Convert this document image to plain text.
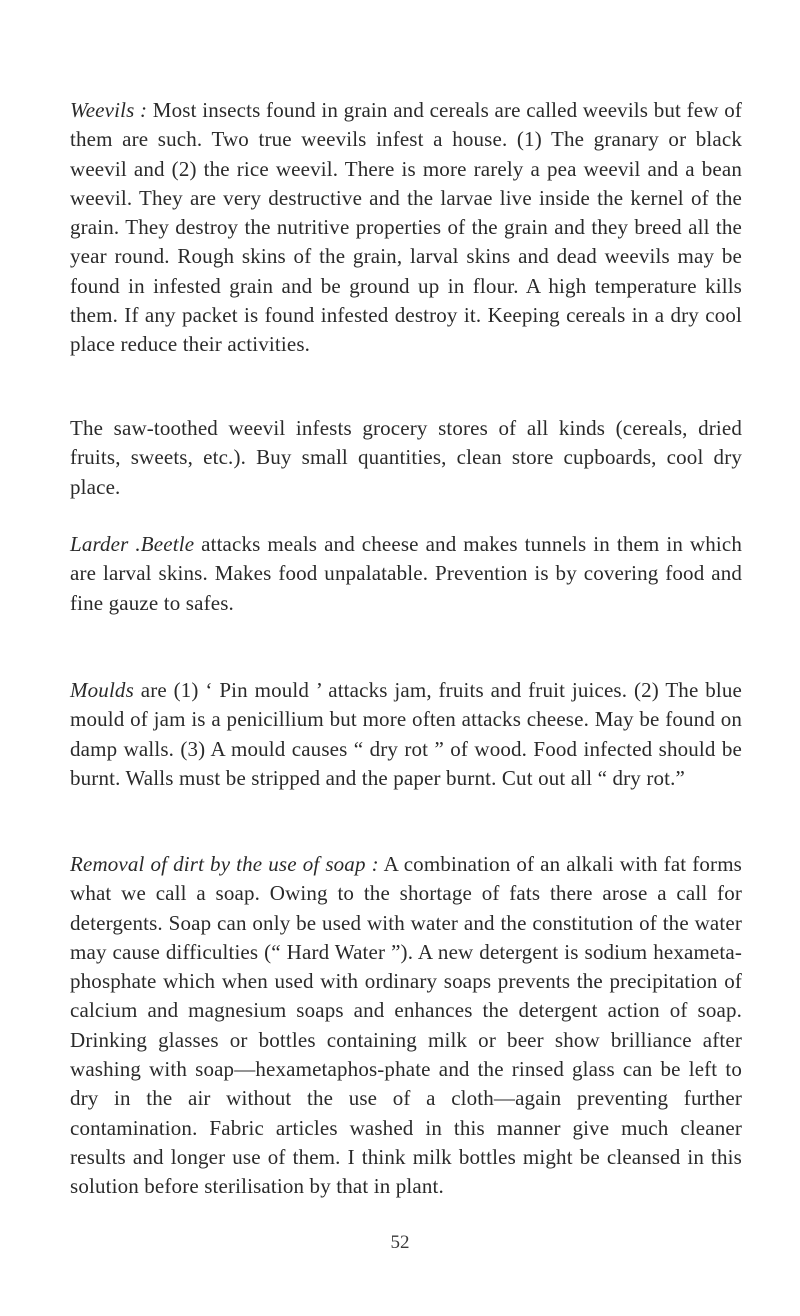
Weevils : Most insects found in grain and cereals are called weevils but few of them are such. Two true weevils infest a house. (1) The granary or black weevil and (2) the rice weevil. There is more rarely a pea weevil and a bean weevil. They are very destructive and the larvae live inside the kernel of the grain. They destroy the nutritive properties of the grain and they breed all the year round. Rough skins of the grain, larval skins and dead weevils may be found in infested grain and be ground up in flour. A high temperature kills them. If any packet is found infested destroy it. Keeping cereals in a dry cool place reduce their activities.

The saw-toothed weevil infests grocery stores of all kinds (cereals, dried fruits, sweets, etc.). Buy small quantities, clean store cupboards, cool dry place.

Larder .Beetle attacks meals and cheese and makes tunnels in them in which are larval skins. Makes food unpalatable. Prevention is by covering food and fine gauze to safes.

Moulds are (1) ‘ Pin mould ’ attacks jam, fruits and fruit juices. (2) The blue mould of jam is a penicillium but more often attacks cheese. May be found on damp walls. (3) A mould causes “ dry rot ” of wood. Food infected should be burnt. Walls must be stripped and the paper burnt. Cut out all “ dry rot.”

Removal of dirt by the use of soap : A combination of an alkali with fat forms what we call a soap. Owing to the shortage of fats there arose a call for detergents. Soap can only be used with water and the constitution of the water may cause difficulties (“ Hard Water ”). A new detergent is sodium hexameta-phosphate which when used with ordinary soaps prevents the precipitation of calcium and magnesium soaps and enhances the detergent action of soap. Drinking glasses or bottles containing milk or beer show brilliance after washing with soap—hexametaphos-phate and the rinsed glass can be left to dry in the air without the use of a cloth—again preventing further contamination. Fabric articles washed in this manner give much cleaner results and longer use of them. I think milk bottles might be cleansed in this solution before sterilisation by that in plant.

52
